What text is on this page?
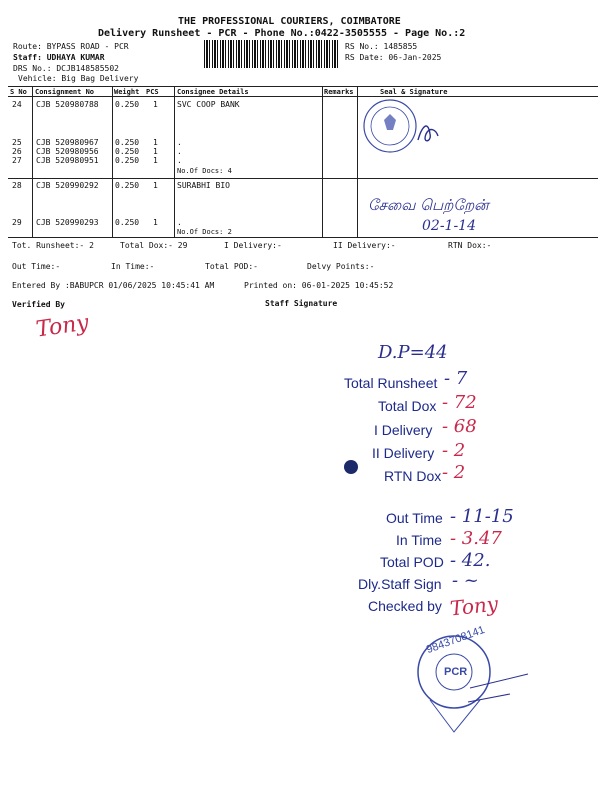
THE PROFESSIONAL COURIERS, COIMBATORE
Delivery Runsheet - PCR - Phone No.:0422-3505555 - Page No.:2
Route: BYPASS ROAD - PCR
Staff: UDHAYA KUMAR
DRS No.: DCJB148585502
Vehicle: Big Bag Delivery
RS No.: 1485855
RS Date: 06-Jan-2025
S No Consignment No	Weight PCS	Consignee Details	Remarks	Seal & Signature
24 CJB 520980788 0.250 1 SVC COOP BANK
25 CJB 520980967 0.250 1 .
26 CJB 520980956 0.250 1 .
27 CJB 520980951 0.250 1 .
No.Of Docs: 4
28 CJB 520990292 0.250 1 SURABHI BIO
29 CJB 520990293 0.250 1 .
No.Of Docs: 2
சேவை பெற்றேன்
02-1-14
Tot. Runsheet:- 2	Total Dox:- 29	I Delivery:-	II Delivery:-	RTN Dox:-
Out Time:-	In Time:-	Total POD:-	Delvy Points:-
Entered By :BABUPCR 01/06/2025 10:45:41 AM	Printed on: 06-01-2025 10:45:52
Verified By	Staff Signature
Tony
D.P=44
Total Runsheet - 7
Total Dox - 72
I Delivery - 68
II Delivery - 2
RTN Dox - 2
Out Time - 11-15
In Time - 3.47
Total POD - 42.
Dly.Staff Sign - ~
Checked by Tony
9843708141
PCR
